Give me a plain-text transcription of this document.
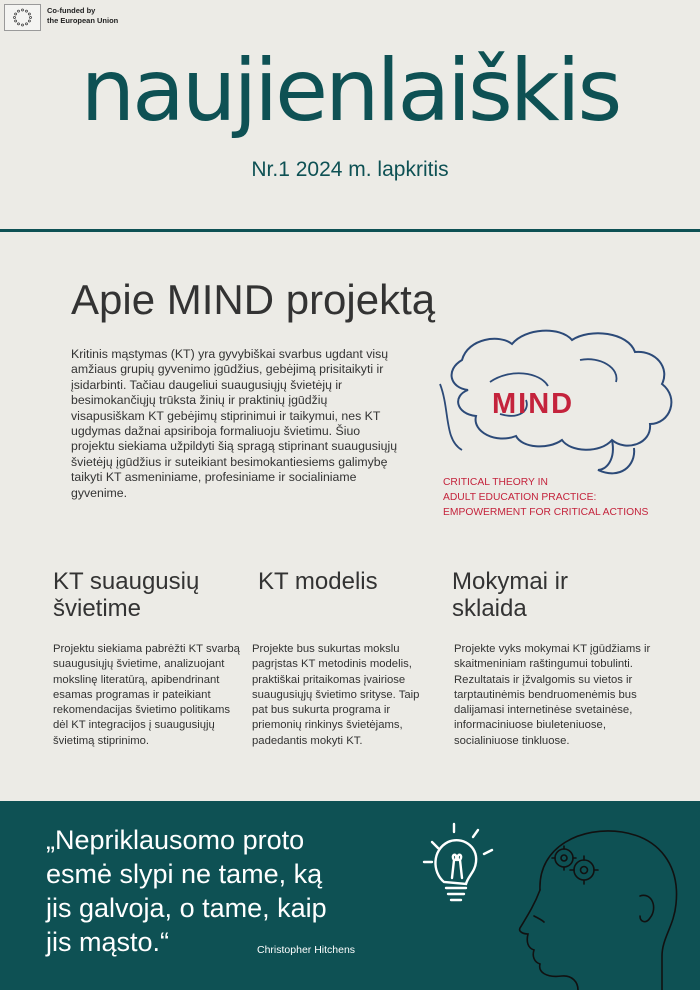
Co-funded by
the European Union
naujienlaiškis
Nr.1 2024 m. lapkritis
Apie MIND projektą
Kritinis mąstymas (KT) yra gyvybiškai svarbus ugdant visų amžiaus grupių gyvenimo įgūdžius, gebėjimą prisitaikyti ir įsidarbinti. Tačiau daugeliui suaugusiųjų švietėjų ir besimokančiųjų trūksta žinių ir praktinių įgūdžių visapusiškam KT gebėjimų stiprinimui ir taikymui, nes KT ugdymas dažnai apsiriboja formaliuoju švietimu. Šiuo projektu siekiama užpildyti šią spragą stiprinant suaugusiųjų švietėjų įgūdžius ir suteikiant besimokantiesiems galimybę taikyti KT asmeniniame, profesiniame ir socialiniame gyvenime.
MIND
CRITICAL THEORY IN
ADULT EDUCATION PRACTICE:
EMPOWERMENT FOR CRITICAL ACTIONS
KT suaugusių
švietime
Projektu siekiama pabrėžti KT svarbą suaugusiųjų švietime, analizuojant mokslinę literatūrą, apibendrinant esamas programas ir pateikiant rekomendacijas švietimo politikams dėl KT integracijos į suaugusiųjų švietimą stiprinimo.
KT modelis
Projekte bus sukurtas mokslu pagrįstas KT metodinis modelis, praktiškai pritaikomas įvairiose suaugusiųjų švietimo srityse. Taip pat bus sukurta programa ir priemonių rinkinys švietėjams, padedantis mokyti KT.
Mokymai ir
sklaida
Projekte vyks mokymai KT įgūdžiams ir skaitmeniniam raštingumui tobulinti. Rezultatais ir įžvalgomis su vietos ir tarptautinėmis bendruomenėmis bus dalijamasi internetinėse svetainėse, informaciniuose biuleteniuose, socialiniuose tinkluose.
„Nepriklausomo proto
esmė slypi ne tame, ką
jis galvoja, o tame, kaip
jis mąsto.“	Christopher Hitchens
